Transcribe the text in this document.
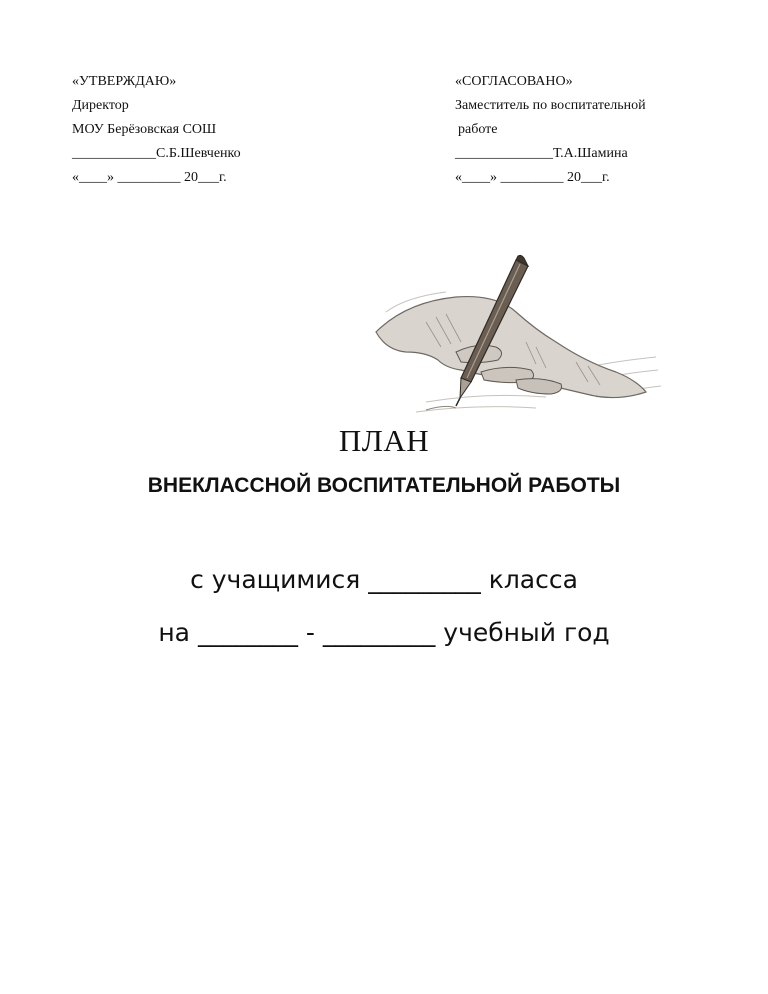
«УТВЕРЖДАЮ»
Директор
МОУ Берёзовская СОШ
____________С.Б.Шевченко
«____» _________ 20___г.
«СОГЛАСОВАНО»
Заместитель по воспитательной
работе
______________Т.А.Шамина
«____» _________ 20___г.
ПЛАН
ВНЕКЛАССНОЙ ВОСПИТАТЕЛЬНОЙ РАБОТЫ
с учащимися _________ класса
на ________ - _________ учебный год
